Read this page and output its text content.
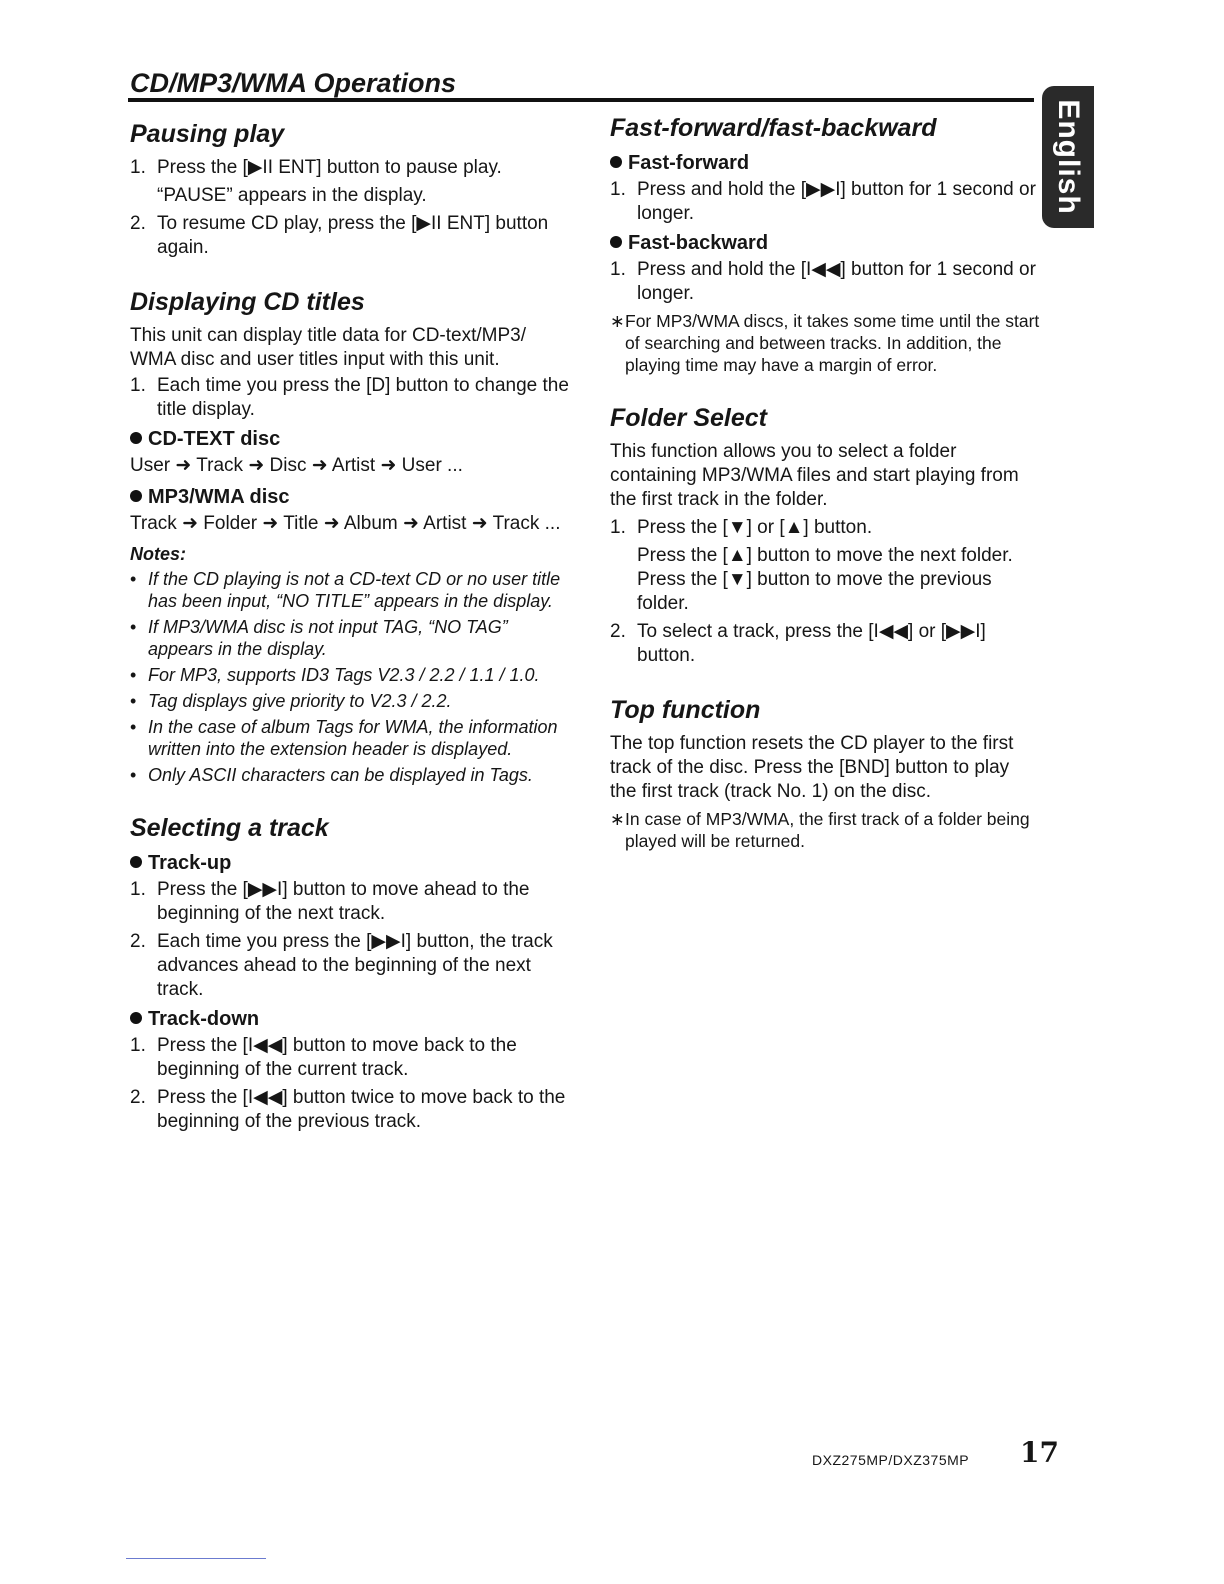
CD/MP3/WMA Operations
English
Pausing play
1. Press the [▶II ENT] button to pause play.
“PAUSE” appears in the display.
2. To resume CD play, press the [▶II ENT] button again.
Displaying CD titles

This unit can display title data for CD-text/MP3/ WMA disc and user titles input with this unit.

1. Each time you press the [D] button to change the title display.
CD-TEXT disc
User ➜ Track ➜ Disc ➜ Artist ➜ User ...
MP3/WMA disc
Track ➜ Folder ➜ Title ➜ Album ➜ Artist ➜ Track ...
Notes:
• If the CD playing is not a CD-text CD or no user title has been input, “NO TITLE” appears in the display.
• If MP3/WMA disc is not input TAG, “NO TAG” appears in the display.
• For MP3, supports ID3 Tags V2.3 / 2.2 / 1.1 / 1.0.
• Tag displays give priority to V2.3 / 2.2.
• In the case of album Tags for WMA, the information written into the extension header is displayed.
• Only ASCII characters can be displayed in Tags.
Selecting a track
Track-up
1. Press the [▶▶I] button to move ahead to the beginning of the next track.
2. Each time you press the [▶▶I] button, the track advances ahead to the beginning of the next track.
Track-down
1. Press the [I◀◀] button to move back to the beginning of the current track.
2. Press the [I◀◀] button twice to move back to the beginning of the previous track.
Fast-forward/fast-backward
Fast-forward
1. Press and hold the [▶▶I] button for 1 second or longer.
Fast-backward
1. Press and hold the [I◀◀] button for 1 second or longer.
∗ For MP3/WMA discs, it takes some time until the start of searching and between tracks. In addition, the playing time may have a margin of error.
Folder Select

This function allows you to select a folder containing MP3/WMA files and start playing from the first track in the folder.

1. Press the [▼] or [▲] button.
Press the [▲] button to move the next folder. Press the [▼] button to move the previous folder.
2. To select a track, press the [I◀◀] or [▶▶I] button.
Top function

The top function resets the CD player to the first track of the disc. Press the [BND] button to play the first track (track No. 1) on the disc.

∗ In case of MP3/WMA, the first track of a folder being played will be returned.
DXZ275MP/DXZ375MP 17
